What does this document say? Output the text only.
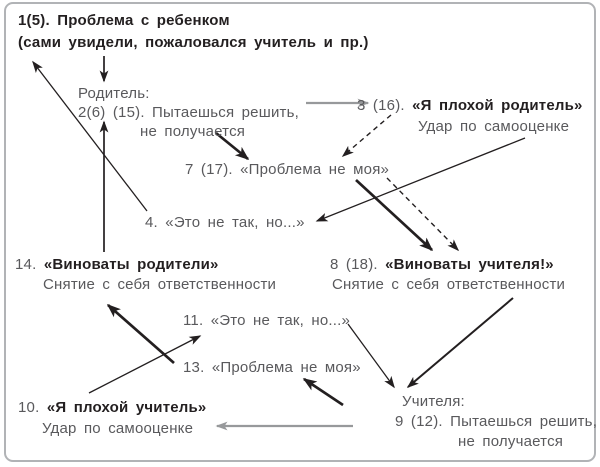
1(5). Проблема с ребенком
(сами увидели, пожаловался учитель и пр.)
Родитель:
2(6) (15). Пытаешься решить,
не получается
3 (16). «Я плохой родитель»
Удар по самооценке
7 (17). «Проблема не моя»
4. «Это не так, но...»
14. «Виноваты родители»
Снятие с себя ответственности
8 (18). «Виноваты учителя!»
Снятие с себя ответственности
11. «Это не так, но...»
13. «Проблема не моя»
10. «Я плохой учитель»
Удар по самооценке
Учителя:
9 (12). Пытаешься решить,
не получается
